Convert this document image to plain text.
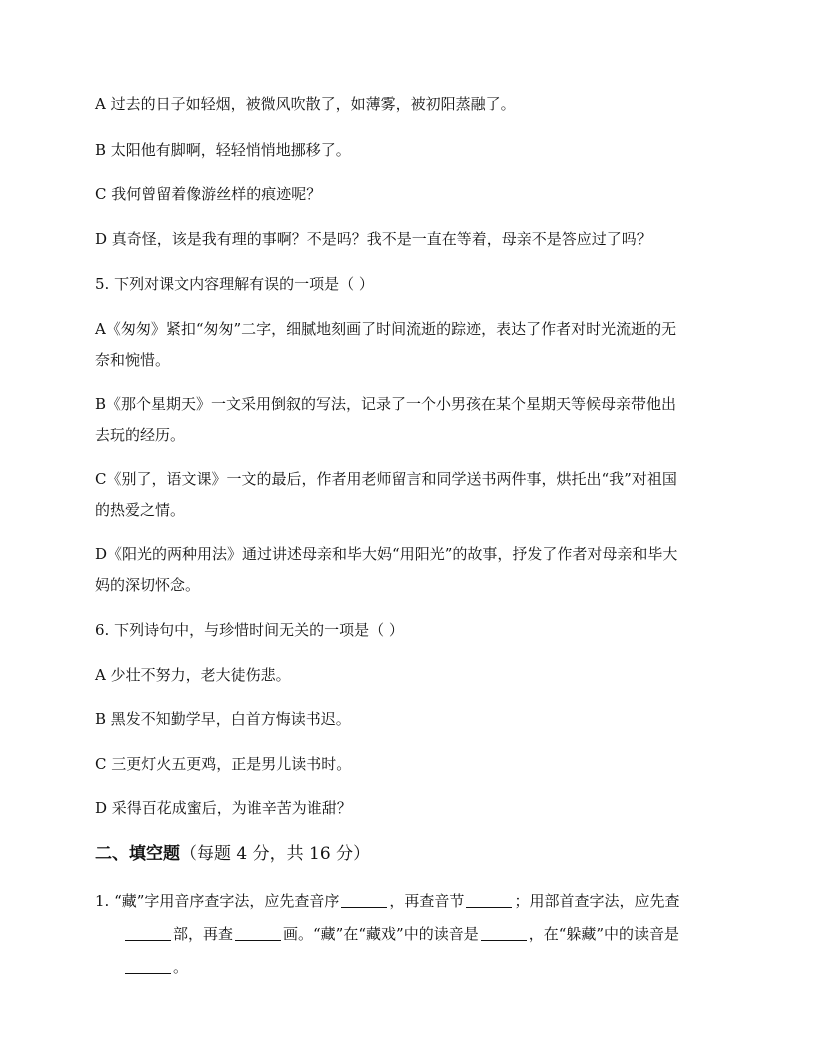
A 过去的日子如轻烟，被微风吹散了，如薄雾，被初阳蒸融了。
B 太阳他有脚啊，轻轻悄悄地挪移了。
C 我何曾留着像游丝样的痕迹呢？
D 真奇怪，该是我有理的事啊？不是吗？我不是一直在等着，母亲不是答应过了吗？
5. 下列对课文内容理解有误的一项是（ ）
A《匆匆》紧扣“匆匆”二字，细腻地刻画了时间流逝的踪迹，表达了作者对时光流逝的无
奈和惋惜。
B《那个星期天》一文采用倒叙的写法，记录了一个小男孩在某个星期天等候母亲带他出
去玩的经历。
C《别了，语文课》一文的最后，作者用老师留言和同学送书两件事，烘托出“我”对祖国
的热爱之情。
D《阳光的两种用法》通过讲述母亲和毕大妈“用阳光”的故事，抒发了作者对母亲和毕大
妈的深切怀念。
6. 下列诗句中，与珍惜时间无关的一项是（ ）
A 少壮不努力，老大徒伤悲。
B 黑发不知勤学早，白首方悔读书迟。
C 三更灯火五更鸡，正是男儿读书时。
D 采得百花成蜜后，为谁辛苦为谁甜？
二、填空题（每题 4 分，共 16 分）
1. “藏”字用音序查字法，应先查音序	，再查音节	；用部首查字法，应先查
部，再查	画。“藏”在“藏戏”中的读音是	，在“躲藏”中的读音是
。
